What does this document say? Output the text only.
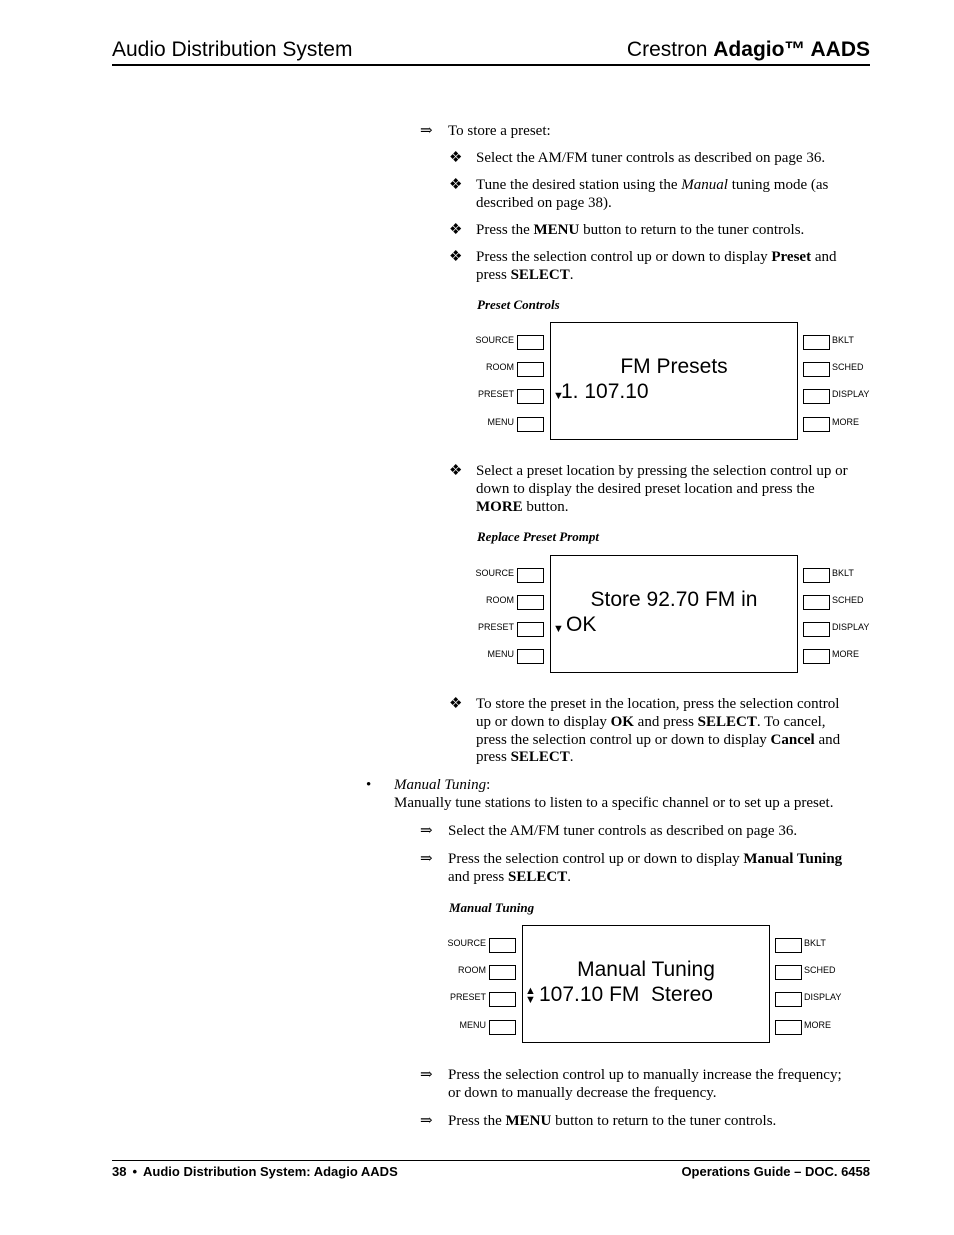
Audio Distribution System	Crestron Adagio™ AADS
⇒ To store a preset:
❖ Select the AM/FM tuner controls as described on page 36.
❖ Tune the desired station using the Manual tuning mode (as
described on page 38).
❖ Press the MENU button to return to the tuner controls.
❖ Press the selection control up or down to display Preset and
press SELECT.
Preset Controls
SOURCE
ROOM
PRESET
MENU
FM Presets
▼
1. 107.10
BKLT
SCHED
DISPLAY
MORE
❖ Select a preset location by pressing the selection control up or
down to display the desired preset location and press the
MORE button.
Replace Preset Prompt
SOURCE
ROOM
PRESET
MENU
Store 92.70 FM in
▼ OK
BKLT
SCHED
DISPLAY
MORE
❖ To store the preset in the location, press the selection control
up or down to display OK and press SELECT. To cancel,
press the selection control up or down to display Cancel and
press SELECT.
• Manual Tuning:
Manually tune stations to listen to a specific channel or to set up a preset.
⇒ Select the AM/FM tuner controls as described on page 36.
⇒ Press the selection control up or down to display Manual Tuning
and press SELECT.
Manual Tuning
SOURCE
ROOM
PRESET
MENU
Manual Tuning
▲
▼ 107.10 FM  Stereo
BKLT
SCHED
DISPLAY
MORE
⇒ Press the selection control up to manually increase the frequency;
or down to manually decrease the frequency.
⇒ Press the MENU button to return to the tuner controls.
38 • Audio Distribution System: Adagio AADS	Operations Guide – DOC. 6458
